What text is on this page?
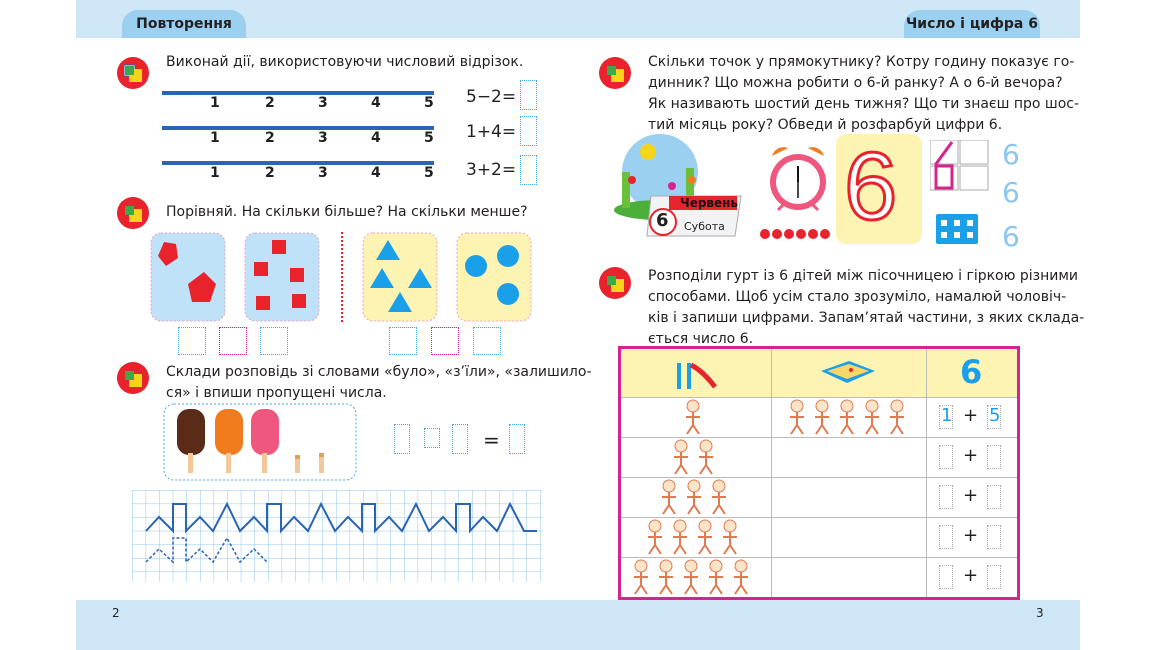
Повторення	Число і цифра 6
2	3
Виконай дії, використовуючи числовий відрізок.
1	2	3	4	5
1	2	3	4	5
1	2	3	4	5
5−2=
1+4=
3+2=
Порівняй. На скільки більше? На скільки менше?
Склади розповідь зі словами «було», «з’їли», «залишило-
ся» і впиши пропущені числа.
=
Скільки точок у прямокутнику? Котру годину показує го-
динник? Що можна робити о 6-й ранку? А о 6-й вечора?
Як називають шостий день тижня? Що ти знаєш про шос-
тий місяць року? Обведи й розфарбуй цифри 6.
6
Червень
Субота 6	6
6
6
Розподіли гурт із 6 дітей між пісочницею і гіркою різними
способами. Щоб усім стало зрозуміло, намалюй чоловіч-
ків і запиши цифрами. Запам’ятай частини, з яких склада-
ється число 6.
6
1 + 5
+
+
+
+
